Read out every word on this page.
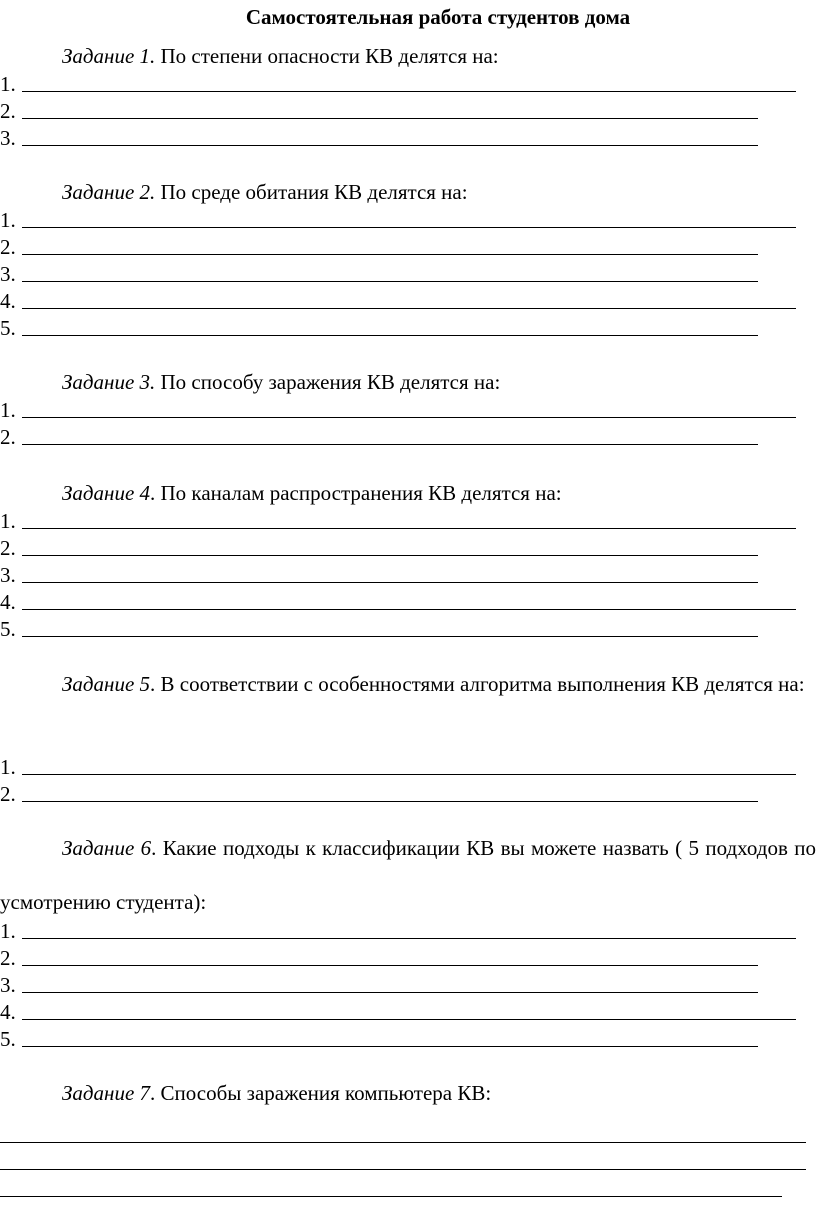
Самостоятельная работа студентов дома
Задание 1. По степени опасности КВ делятся на:
1.
2.
3.
Задание 2. По среде обитания КВ делятся на:
1.
2.
3.
4.
5.
Задание 3. По способу заражения КВ делятся на:
1.
2.
Задание 4. По каналам распространения КВ делятся на:
1.
2.
3.
4.
5.
Задание 5. В соответствии с особенностями алгоритма выполнения КВ делятся на:
1.
2.
Задание 6. Какие подходы к классификации КВ вы можете назвать ( 5 подходов по усмотрению студента):
1.
2.
3.
4.
5.
Задание 7. Способы заражения компьютера КВ:
